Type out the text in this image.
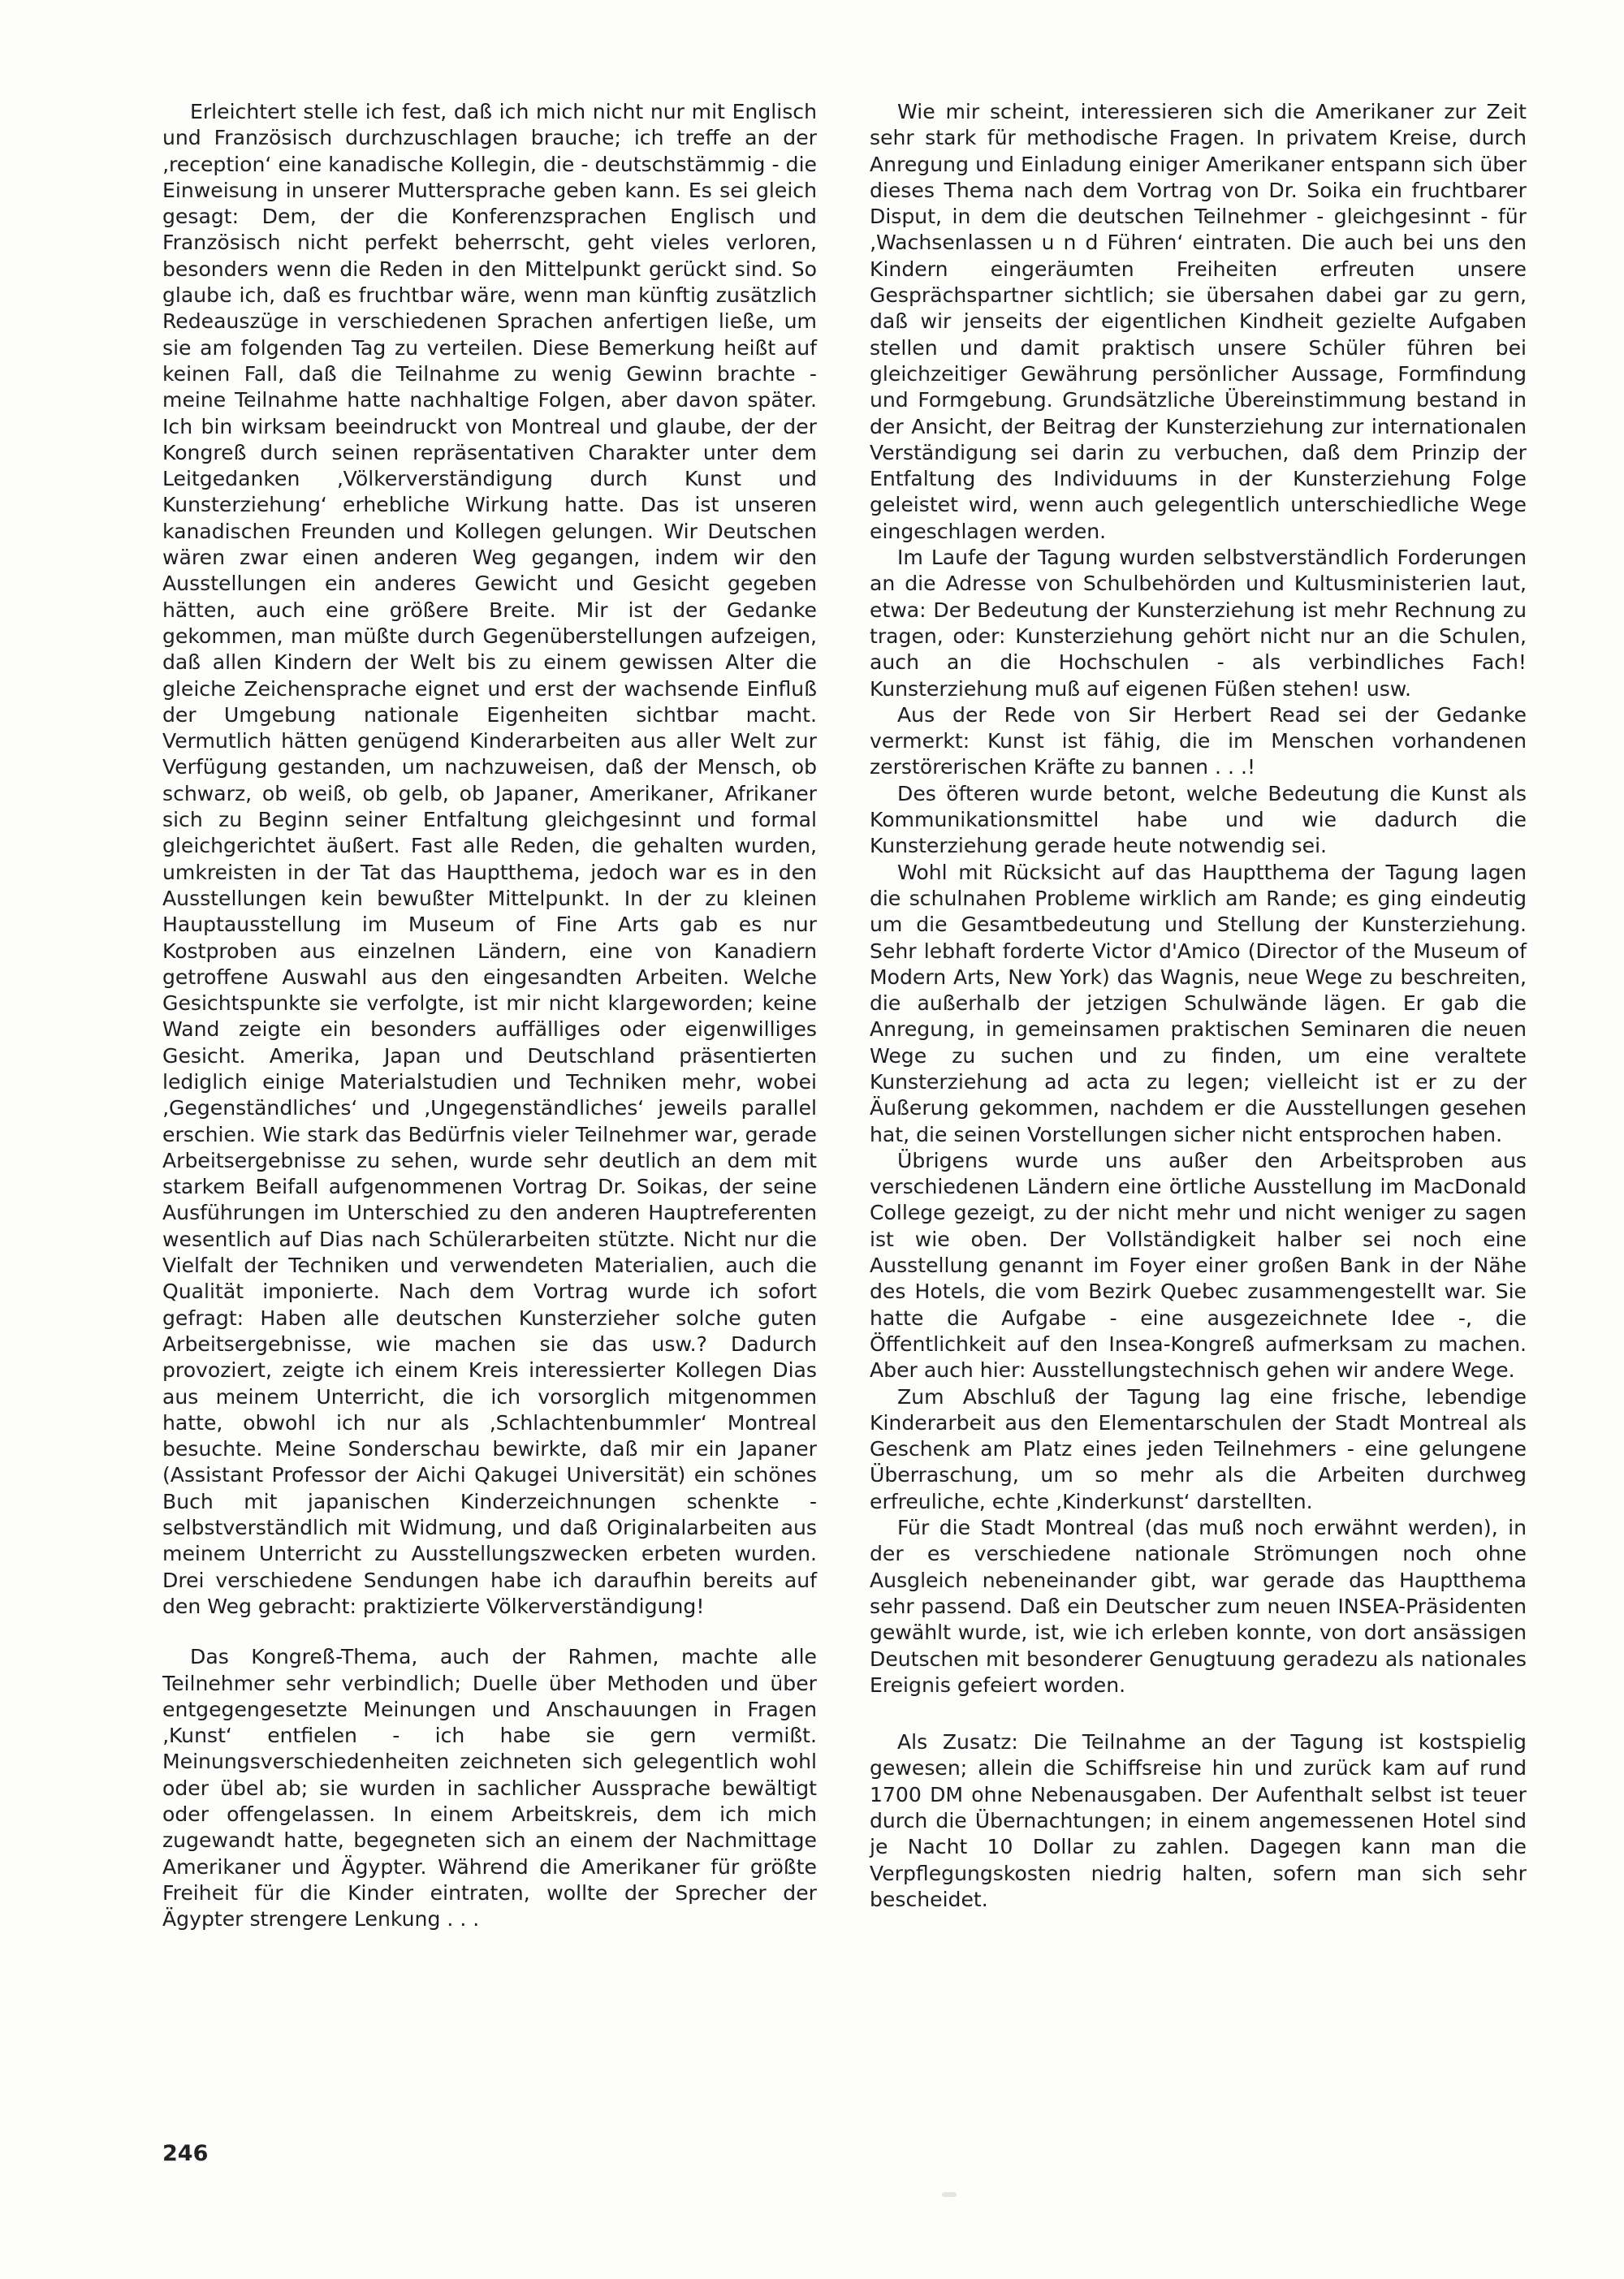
Erleichtert stelle ich fest, daß ich mich nicht nur mit Englisch und Französisch durchzuschlagen brauche; ich treffe an der ‚reception‘ eine kanadische Kollegin, die - deutschstämmig - die Einweisung in unserer Muttersprache geben kann. Es sei gleich gesagt: Dem, der die Konferenzsprachen Englisch und Französisch nicht perfekt beherrscht, geht vieles verloren, besonders wenn die Reden in den Mittelpunkt gerückt sind. So glaube ich, daß es fruchtbar wäre, wenn man künftig zusätzlich Redeauszüge in verschiedenen Sprachen anfertigen ließe, um sie am folgenden Tag zu verteilen. Diese Bemerkung heißt auf keinen Fall, daß die Teilnahme zu wenig Gewinn brachte - meine Teilnahme hatte nachhaltige Folgen, aber davon später. Ich bin wirksam beeindruckt von Montreal und glaube, der der Kongreß durch seinen repräsentativen Charakter unter dem Leitgedanken ‚Völkerverständigung durch Kunst und Kunsterziehung‘ erhebliche Wirkung hatte. Das ist unseren kanadischen Freunden und Kollegen gelungen. Wir Deutschen wären zwar einen anderen Weg gegangen, indem wir den Ausstellungen ein anderes Gewicht und Gesicht gegeben hätten, auch eine größere Breite. Mir ist der Gedanke gekommen, man müßte durch Gegenüberstellungen aufzeigen, daß allen Kindern der Welt bis zu einem gewissen Alter die gleiche Zeichensprache eignet und erst der wachsende Einfluß der Umgebung nationale Eigenheiten sichtbar macht. Vermutlich hätten genügend Kinderarbeiten aus aller Welt zur Verfügung gestanden, um nachzuweisen, daß der Mensch, ob schwarz, ob weiß, ob gelb, ob Japaner, Amerikaner, Afrikaner sich zu Beginn seiner Entfaltung gleichgesinnt und formal gleichgerichtet äußert. Fast alle Reden, die gehalten wurden, umkreisten in der Tat das Hauptthema, jedoch war es in den Ausstellungen kein bewußter Mittelpunkt. In der zu kleinen Hauptausstellung im Museum of Fine Arts gab es nur Kostproben aus einzelnen Ländern, eine von Kanadiern getroffene Auswahl aus den eingesandten Arbeiten. Welche Gesichtspunkte sie verfolgte, ist mir nicht klargeworden; keine Wand zeigte ein besonders auffälliges oder eigenwilliges Gesicht. Amerika, Japan und Deutschland präsentierten lediglich einige Materialstudien und Techniken mehr, wobei ‚Gegenständliches‘ und ‚Ungegenständliches‘ jeweils parallel erschien. Wie stark das Bedürfnis vieler Teilnehmer war, gerade Arbeitsergebnisse zu sehen, wurde sehr deutlich an dem mit starkem Beifall aufgenommenen Vortrag Dr. Soikas, der seine Ausführungen im Unterschied zu den anderen Hauptreferenten wesentlich auf Dias nach Schülerarbeiten stützte. Nicht nur die Vielfalt der Techniken und verwendeten Materialien, auch die Qualität imponierte. Nach dem Vortrag wurde ich sofort gefragt: Haben alle deutschen Kunsterzieher solche guten Arbeitsergebnisse, wie machen sie das usw.? Dadurch provoziert, zeigte ich einem Kreis interessierter Kollegen Dias aus meinem Unterricht, die ich vorsorglich mitgenommen hatte, obwohl ich nur als ‚Schlachtenbummler‘ Montreal besuchte. Meine Sonderschau bewirkte, daß mir ein Japaner (Assistant Professor der Aichi Qakugei Universität) ein schönes Buch mit japanischen Kinderzeichnungen schenkte - selbstverständlich mit Widmung, und daß Originalarbeiten aus meinem Unterricht zu Ausstellungszwecken erbeten wurden. Drei verschiedene Sendungen habe ich daraufhin bereits auf den Weg gebracht: praktizierte Völkerverständigung!

Das Kongreß-Thema, auch der Rahmen, machte alle Teilnehmer sehr verbindlich; Duelle über Methoden und über entgegengesetzte Meinungen und Anschauungen in Fragen ‚Kunst‘ entfielen - ich habe sie gern vermißt. Meinungsverschiedenheiten zeichneten sich gelegentlich wohl oder übel ab; sie wurden in sachlicher Aussprache bewältigt oder offengelassen. In einem Arbeitskreis, dem ich mich zugewandt hatte, begegneten sich an einem der Nachmittage Amerikaner und Ägypter. Während die Amerikaner für größte Freiheit für die Kinder eintraten, wollte der Sprecher der Ägypter strengere Lenkung . . .

Wie mir scheint, interessieren sich die Amerikaner zur Zeit sehr stark für methodische Fragen. In privatem Kreise, durch Anregung und Einladung einiger Amerikaner entspann sich über dieses Thema nach dem Vortrag von Dr. Soika ein fruchtbarer Disput, in dem die deutschen Teilnehmer - gleichgesinnt - für ‚Wachsenlassen u n d Führen‘ eintraten. Die auch bei uns den Kindern eingeräumten Freiheiten erfreuten unsere Gesprächspartner sichtlich; sie übersahen dabei gar zu gern, daß wir jenseits der eigentlichen Kindheit gezielte Aufgaben stellen und damit praktisch unsere Schüler führen bei gleichzeitiger Gewährung persönlicher Aussage, Formfindung und Formgebung. Grundsätzliche Übereinstimmung bestand in der Ansicht, der Beitrag der Kunsterziehung zur internationalen Verständigung sei darin zu verbuchen, daß dem Prinzip der Entfaltung des Individuums in der Kunsterziehung Folge geleistet wird, wenn auch gelegentlich unterschiedliche Wege eingeschlagen werden.

Im Laufe der Tagung wurden selbstverständlich Forderungen an die Adresse von Schulbehörden und Kultusministerien laut, etwa: Der Bedeutung der Kunsterziehung ist mehr Rechnung zu tragen, oder: Kunsterziehung gehört nicht nur an die Schulen, auch an die Hochschulen - als verbindliches Fach! Kunsterziehung muß auf eigenen Füßen stehen! usw.

Aus der Rede von Sir Herbert Read sei der Gedanke vermerkt: Kunst ist fähig, die im Menschen vorhandenen zerstörerischen Kräfte zu bannen . . .!

Des öfteren wurde betont, welche Bedeutung die Kunst als Kommunikationsmittel habe und wie dadurch die Kunsterziehung gerade heute notwendig sei.

Wohl mit Rücksicht auf das Hauptthema der Tagung lagen die schulnahen Probleme wirklich am Rande; es ging eindeutig um die Gesamtbedeutung und Stellung der Kunsterziehung. Sehr lebhaft forderte Victor d'Amico (Director of the Museum of Modern Arts, New York) das Wagnis, neue Wege zu beschreiten, die außerhalb der jetzigen Schulwände lägen. Er gab die Anregung, in gemeinsamen praktischen Seminaren die neuen Wege zu suchen und zu finden, um eine veraltete Kunsterziehung ad acta zu legen; vielleicht ist er zu der Äußerung gekommen, nachdem er die Ausstellungen gesehen hat, die seinen Vorstellungen sicher nicht entsprochen haben.

Übrigens wurde uns außer den Arbeitsproben aus verschiedenen Ländern eine örtliche Ausstellung im MacDonald College gezeigt, zu der nicht mehr und nicht weniger zu sagen ist wie oben. Der Vollständigkeit halber sei noch eine Ausstellung genannt im Foyer einer großen Bank in der Nähe des Hotels, die vom Bezirk Quebec zusammengestellt war. Sie hatte die Aufgabe - eine ausgezeichnete Idee -, die Öffentlichkeit auf den Insea-Kongreß aufmerksam zu machen. Aber auch hier: Ausstellungstechnisch gehen wir andere Wege.

Zum Abschluß der Tagung lag eine frische, lebendige Kinderarbeit aus den Elementarschulen der Stadt Montreal als Geschenk am Platz eines jeden Teilnehmers - eine gelungene Überraschung, um so mehr als die Arbeiten durchweg erfreuliche, echte ‚Kinderkunst‘ darstellten.

Für die Stadt Montreal (das muß noch erwähnt werden), in der es verschiedene nationale Strömungen noch ohne Ausgleich nebeneinander gibt, war gerade das Hauptthema sehr passend. Daß ein Deutscher zum neuen INSEA-Präsidenten gewählt wurde, ist, wie ich erleben konnte, von dort ansässigen Deutschen mit besonderer Genugtuung geradezu als nationales Ereignis gefeiert worden.

Als Zusatz: Die Teilnahme an der Tagung ist kostspielig gewesen; allein die Schiffsreise hin und zurück kam auf rund 1700 DM ohne Nebenausgaben. Der Aufenthalt selbst ist teuer durch die Übernachtungen; in einem angemessenen Hotel sind je Nacht 10 Dollar zu zahlen. Dagegen kann man die Verpflegungskosten niedrig halten, sofern man sich sehr bescheidet.

246
